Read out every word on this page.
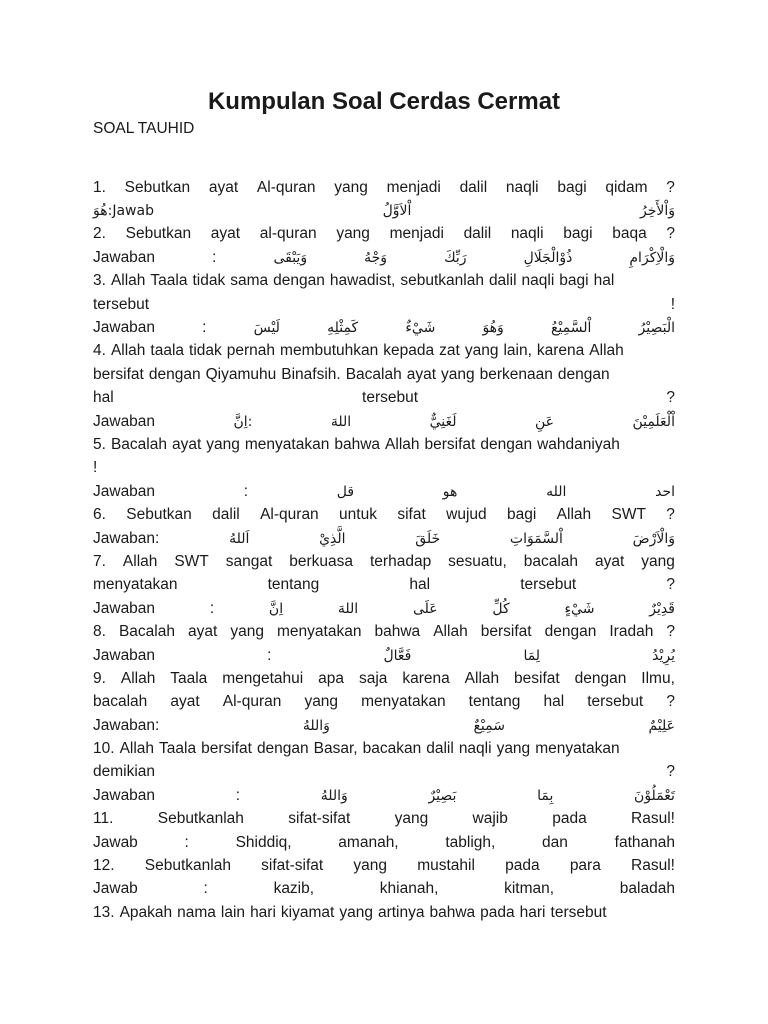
Kumpulan Soal Cerdas Cermat

SOAL TAUHID

1. Sebutkan ayat Al-quran yang menjadi dalil naqli bagi qidam ?
Jawab:هُوَ	اْلاَوَّلُ	وَاْلأَخِرُ
2. Sebutkan ayat al-quran yang menjadi dalil naqli bagi baqa ?
Jawaban	:	وَيَبْقَى	وَجْهُ	رَبِّكَ	ذُوْالْجَلَالِ	وَالْاِكْرَامِ
3. Allah Taala tidak sama dengan hawadist, sebutkanlah dalil naqli bagi hal
tersebut	!
Jawaban	:	لَيْسَ	كَمِثْلِهِ	شَيْءٌ	وَهُوَ	اْلسَّمِيْعُ	الْبَصِيْرُ
4. Allah taala tidak pernah membutuhkan kepada zat yang lain, karena Allah
bersifat dengan Qiyamuhu Binafsih. Bacalah ayat yang berkenaan dengan
hal	tersebut	?
Jawaban	:اِنَّ	اللهَ	لَغَنِيٌّ	عَنِ	اْلْعَلَمِيْنَ
5. Bacalah ayat yang menyatakan bahwa Allah bersifat dengan wahdaniyah
!
Jawaban	:	قل	هو	الله	احد
6. Sebutkan dalil Al-quran untuk sifat wujud bagi Allah SWT ?
Jawaban:	اَللهُ	الَّذِيْ	خَلَقَ	اْلسَّمَوَاتِ	وَالْاَرْضَ
7. Allah SWT sangat berkuasa terhadap sesuatu, bacalah ayat yang
menyatakan	tentang	hal	tersebut	?
Jawaban	:	اِنَّ	اللهَ	عَلَى	كُلِّ	شَيْءٍ	قَدِيْرٌ
8. Bacalah ayat yang menyatakan bahwa Allah bersifat dengan Iradah ?
Jawaban	:	فَعَّالٌ	لِمَا	يُرِيْدُ
9. Allah Taala mengetahui apa saja karena Allah besifat dengan Ilmu,
bacalah ayat Al-quran yang menyatakan tentang hal tersebut ?
Jawaban:	وَاللهُ	سَمِيْعٌ	عَلِيْمٌ
10. Allah Taala bersifat dengan Basar, bacakan dalil naqli yang menyatakan
demikian	?
Jawaban	:	وَاللهُ	بَصِيْرٌ	بِمَا	تَعْمَلُوْنَ
11.	Sebutkanlah	sifat-sifat	yang	wajib	pada	Rasul!
Jawab	:	Shiddiq,	amanah,	tabligh,	dan	fathanah
12. Sebutkanlah sifat-sifat yang mustahil pada para Rasul!
Jawab	:	kazib,	khianah,	kitman,	baladah
13. Apakah nama lain hari kiyamat yang artinya bahwa pada hari tersebut
